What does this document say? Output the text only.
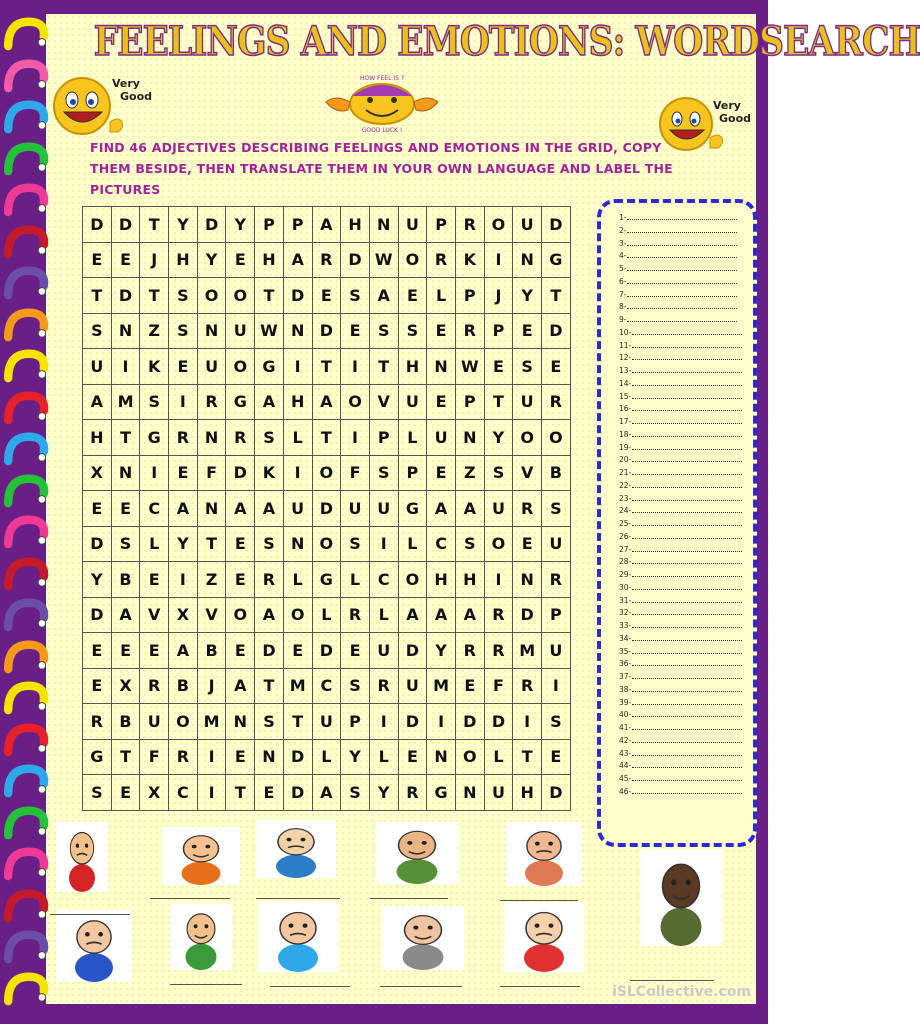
FEELINGS AND EMOTIONS: WORDSEARCH
Very
Good
HOW FEEL IS ?
GOOD LUCK !
Very
Good
FIND 46 ADJECTIVES DESCRIBING FEELINGS AND EMOTIONS IN THE GRID, COPY THEM BESIDE, THEN TRANSLATE THEM IN YOUR OWN LANGUAGE AND LABEL THE PICTURES
D	D	T	Y	D	Y	P	P	A	H	N	U	P	R	O	U	D
E	E	J	H	Y	E	H	A	R	D	W	O	R	K	I	N	G
T	D	T	S	O	O	T	D	E	S	A	E	L	P	J	Y	T
S	N	Z	S	N	U	W	N	D	E	S	S	E	R	P	E	D
U	I	K	E	U	O	G	I	T	I	T	H	N	W	E	S	E
A	M	S	I	R	G	A	H	A	O	V	U	E	P	T	U	R
H	T	G	R	N	R	S	L	T	I	P	L	U	N	Y	O	O
X	N	I	E	F	D	K	I	O	F	S	P	E	Z	S	V	B
E	E	C	A	N	A	A	U	D	U	U	G	A	A	U	R	S
D	S	L	Y	T	E	S	N	O	S	I	L	C	S	O	E	U
Y	B	E	I	Z	E	R	L	G	L	C	O	H	H	I	N	R
D	A	V	X	V	O	A	O	L	R	L	A	A	A	R	D	P
E	E	E	A	B	E	D	E	D	E	U	D	Y	R	R	M	U
E	X	R	B	J	A	T	M	C	S	R	U	M	E	F	R	I
R	B	U	O	M	N	S	T	U	P	I	D	I	D	D	I	S
G	T	F	R	I	E	N	D	L	Y	L	E	N	O	L	T	E
S	E	X	C	I	T	E	D	A	S	Y	R	G	N	U	H	D
1-
2-
3-
4-
5-
6-
7-
8-
9-
10-
11-
12-
13-
14-
15-
16-
17-
18-
19-
20-
21-
22-
23-
24-
25-
26-
27-
28-
29-
30-
31-
32-
33-
34-
35-
36-
37-
38-
39-
40-
41-
42-
43-
44-
45-
46-
iSLCollective.com
